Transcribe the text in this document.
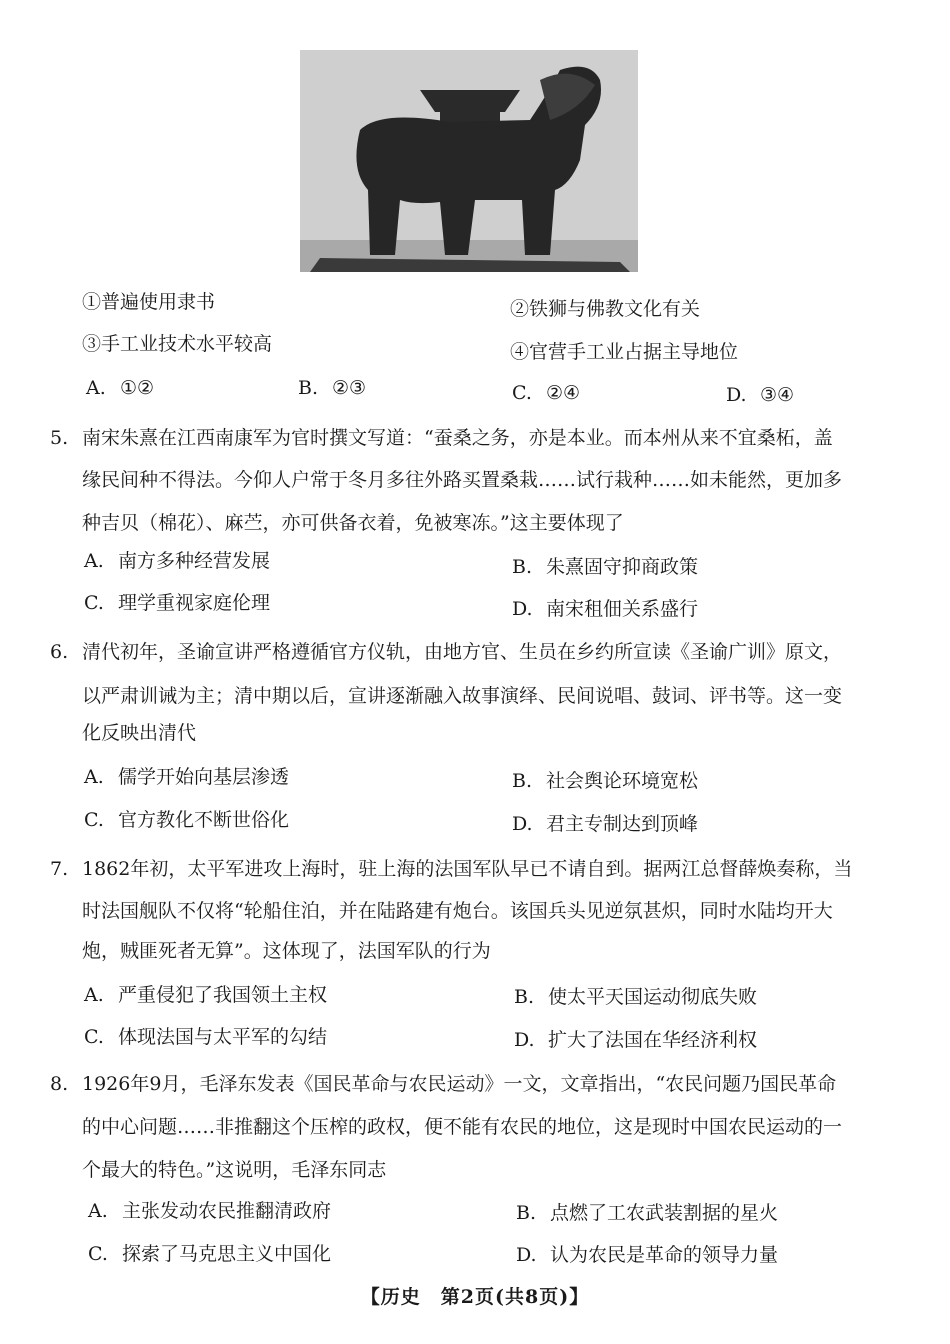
①普遍使用隶书	②铁狮与佛教文化有关
③手工业技术水平较高	④官营手工业占据主导地位
A. ①②	B. ②③	C. ②④	D. ③④
5. 南宋朱熹在江西南康军为官时撰文写道：“蚕桑之务，亦是本业。而本州从来不宜桑柘，盖
缘民间种不得法。今仰人户常于冬月多往外路买置桑栽……试行栽种……如未能然，更加多
种吉贝（棉花）、麻苎，亦可供备衣着，免被寒冻。”这主要体现了
A. 南方多种经营发展	B. 朱熹固守抑商政策
C. 理学重视家庭伦理	D. 南宋租佃关系盛行
6. 清代初年，圣谕宣讲严格遵循官方仪轨，由地方官、生员在乡约所宣读《圣谕广训》原文，
以严肃训诫为主；清中期以后，宣讲逐渐融入故事演绎、民间说唱、鼓词、评书等。这一变
化反映出清代
A. 儒学开始向基层渗透	B. 社会舆论环境宽松
C. 官方教化不断世俗化	D. 君主专制达到顶峰
7. 1862年初，太平军进攻上海时，驻上海的法国军队早已不请自到。据两江总督薛焕奏称，当
时法国舰队不仅将“轮船住泊，并在陆路建有炮台。该国兵头见逆氛甚炽，同时水陆均开大
炮，贼匪死者无算”。这体现了，法国军队的行为
A. 严重侵犯了我国领土主权	B. 使太平天国运动彻底失败
C. 体现法国与太平军的勾结	D. 扩大了法国在华经济利权
8. 1926年9月，毛泽东发表《国民革命与农民运动》一文，文章指出，“农民问题乃国民革命
的中心问题……非推翻这个压榨的政权，便不能有农民的地位，这是现时中国农民运动的一
个最大的特色。”这说明，毛泽东同志
A. 主张发动农民推翻清政府	B. 点燃了工农武装割据的星火
C. 探索了马克思主义中国化	D. 认为农民是革命的领导力量
【历史　第2页(共8页)】
